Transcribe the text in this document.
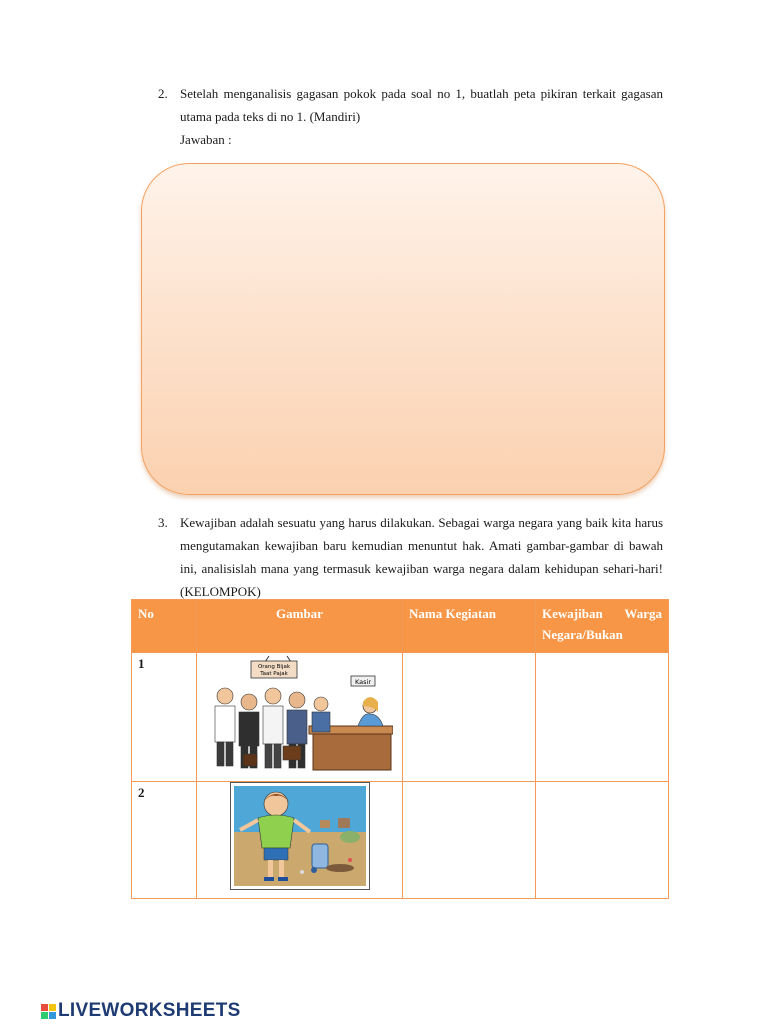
2. Setelah menganalisis gagasan pokok pada soal no 1, buatlah peta pikiran terkait gagasan utama pada teks di no 1. (Mandiri)
Jawaban :
3. Kewajiban adalah sesuatu yang harus dilakukan. Sebagai warga negara yang baik kita harus mengutamakan kewajiban baru kemudian menuntut hak. Amati gambar-gambar di bawah ini, analisislah mana yang termasuk kewajiban warga negara dalam kehidupan sehari-hari! (KELOMPOK)
No	Gambar	Nama Kegiatan	Kewajiban Warga Negara/Bukan
1	Orang Bijak
Taat Pajak
Kasir		

2	

LIVEWORKSHEETS
